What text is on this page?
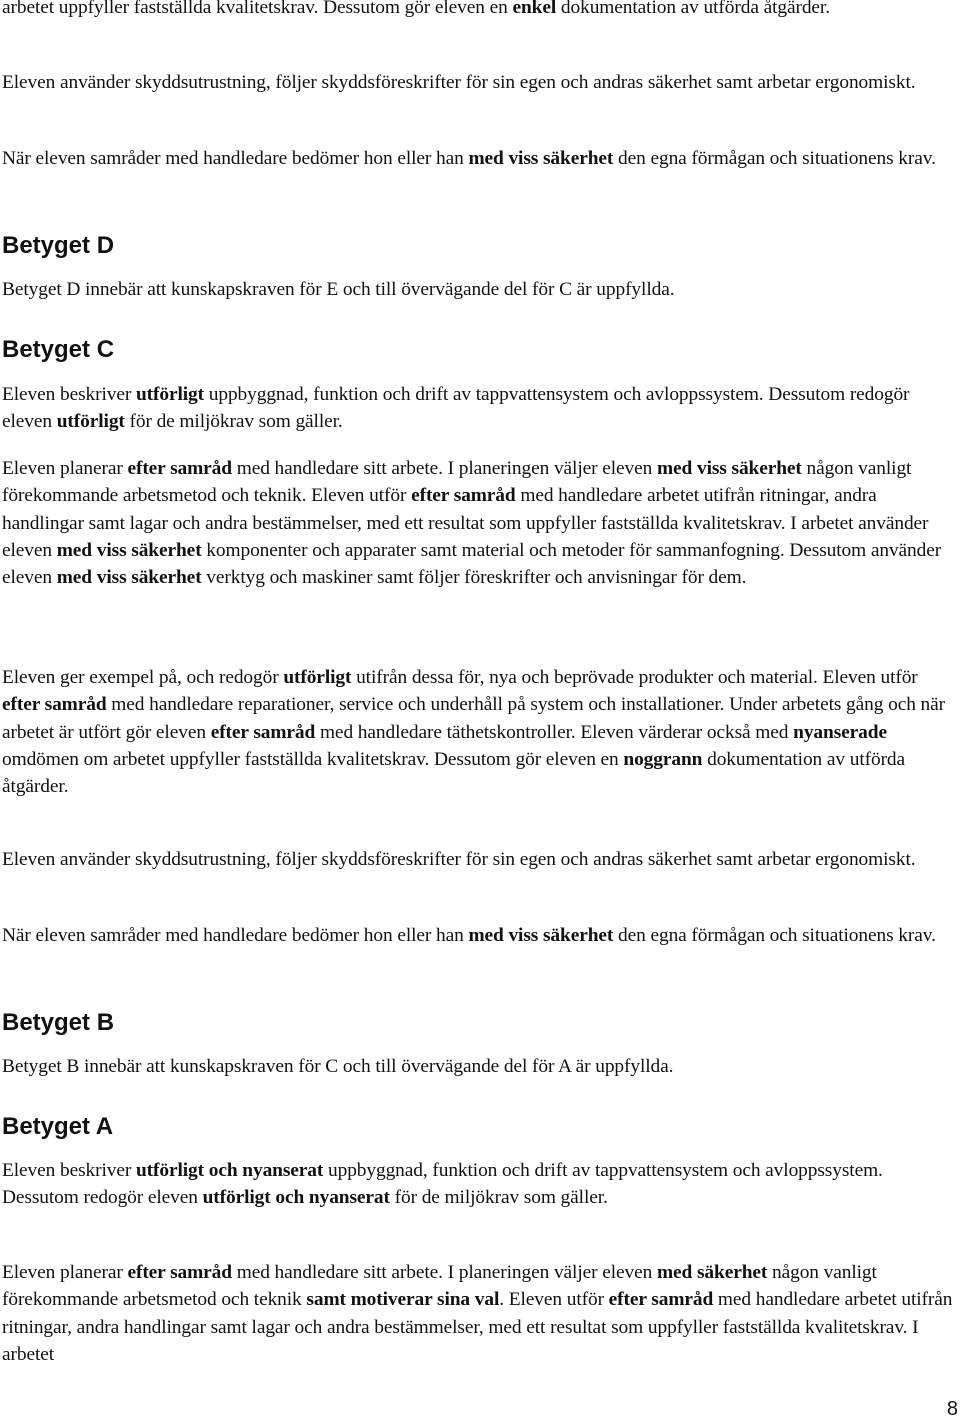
arbetet uppfyller fastställda kvalitetskrav. Dessutom gör eleven en enkel dokumentation av utförda åtgärder.

Eleven använder skyddsutrustning, följer skyddsföreskrifter för sin egen och andras säkerhet samt arbetar ergonomiskt.

När eleven samråder med handledare bedömer hon eller han med viss säkerhet den egna förmågan och situationens krav.

Betyget D

Betyget D innebär att kunskapskraven för E och till övervägande del för C är uppfyllda.

Betyget C

Eleven beskriver utförligt uppbyggnad, funktion och drift av tappvattensystem och avloppssystem. Dessutom redogör eleven utförligt för de miljökrav som gäller.

Eleven planerar efter samråd med handledare sitt arbete. I planeringen väljer eleven med viss säkerhet någon vanligt förekommande arbetsmetod och teknik. Eleven utför efter samråd med handledare arbetet utifrån ritningar, andra handlingar samt lagar och andra bestämmelser, med ett resultat som uppfyller fastställda kvalitetskrav. I arbetet använder eleven med viss säkerhet komponenter och apparater samt material och metoder för sammanfogning. Dessutom använder eleven med viss säkerhet verktyg och maskiner samt följer föreskrifter och anvisningar för dem.

Eleven ger exempel på, och redogör utförligt utifrån dessa för, nya och beprövade produkter och material. Eleven utför efter samråd med handledare reparationer, service och underhåll på system och installationer. Under arbetets gång och när arbetet är utfört gör eleven efter samråd med handledare täthetskontroller. Eleven värderar också med nyanserade omdömen om arbetet uppfyller fastställda kvalitetskrav. Dessutom gör eleven en noggrann dokumentation av utförda åtgärder.

Eleven använder skyddsutrustning, följer skyddsföreskrifter för sin egen och andras säkerhet samt arbetar ergonomiskt.

När eleven samråder med handledare bedömer hon eller han med viss säkerhet den egna förmågan och situationens krav.

Betyget B

Betyget B innebär att kunskapskraven för C och till övervägande del för A är uppfyllda.

Betyget A

Eleven beskriver utförligt och nyanserat uppbyggnad, funktion och drift av tappvattensystem och avloppssystem. Dessutom redogör eleven utförligt och nyanserat för de miljökrav som gäller.

Eleven planerar efter samråd med handledare sitt arbete. I planeringen väljer eleven med säkerhet någon vanligt förekommande arbetsmetod och teknik samt motiverar sina val. Eleven utför efter samråd med handledare arbetet utifrån ritningar, andra handlingar samt lagar och andra bestämmelser, med ett resultat som uppfyller fastställda kvalitetskrav. I arbetet

8
